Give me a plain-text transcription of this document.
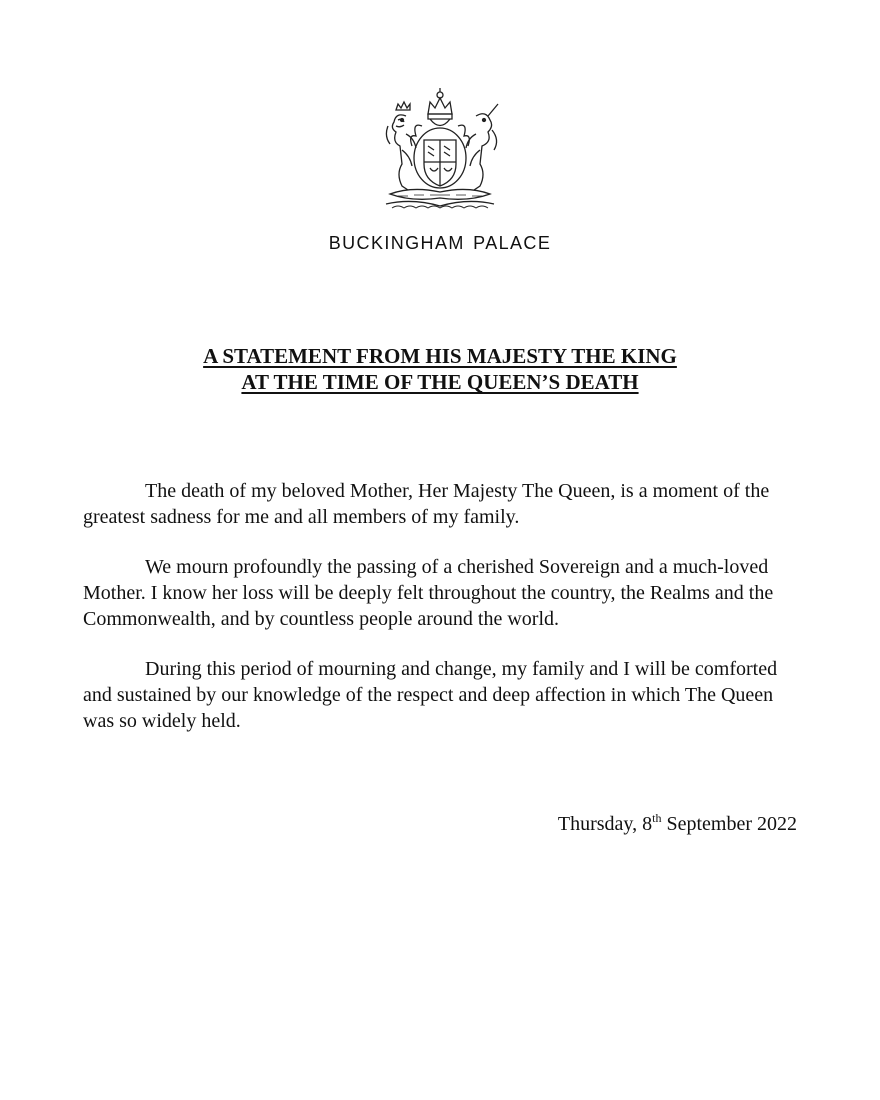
BUCKINGHAM PALACE
A STATEMENT FROM HIS MAJESTY THE KING
AT THE TIME OF THE QUEEN’S DEATH

The death of my beloved Mother, Her Majesty The Queen, is a moment of the greatest sadness for me and all members of my family.

We mourn profoundly the passing of a cherished Sovereign and a much-loved Mother. I know her loss will be deeply felt throughout the country, the Realms and the Commonwealth, and by countless people around the world.

During this period of mourning and change, my family and I will be comforted and sustained by our knowledge of the respect and deep affection in which The Queen was so widely held.

Thursday, 8th September 2022
